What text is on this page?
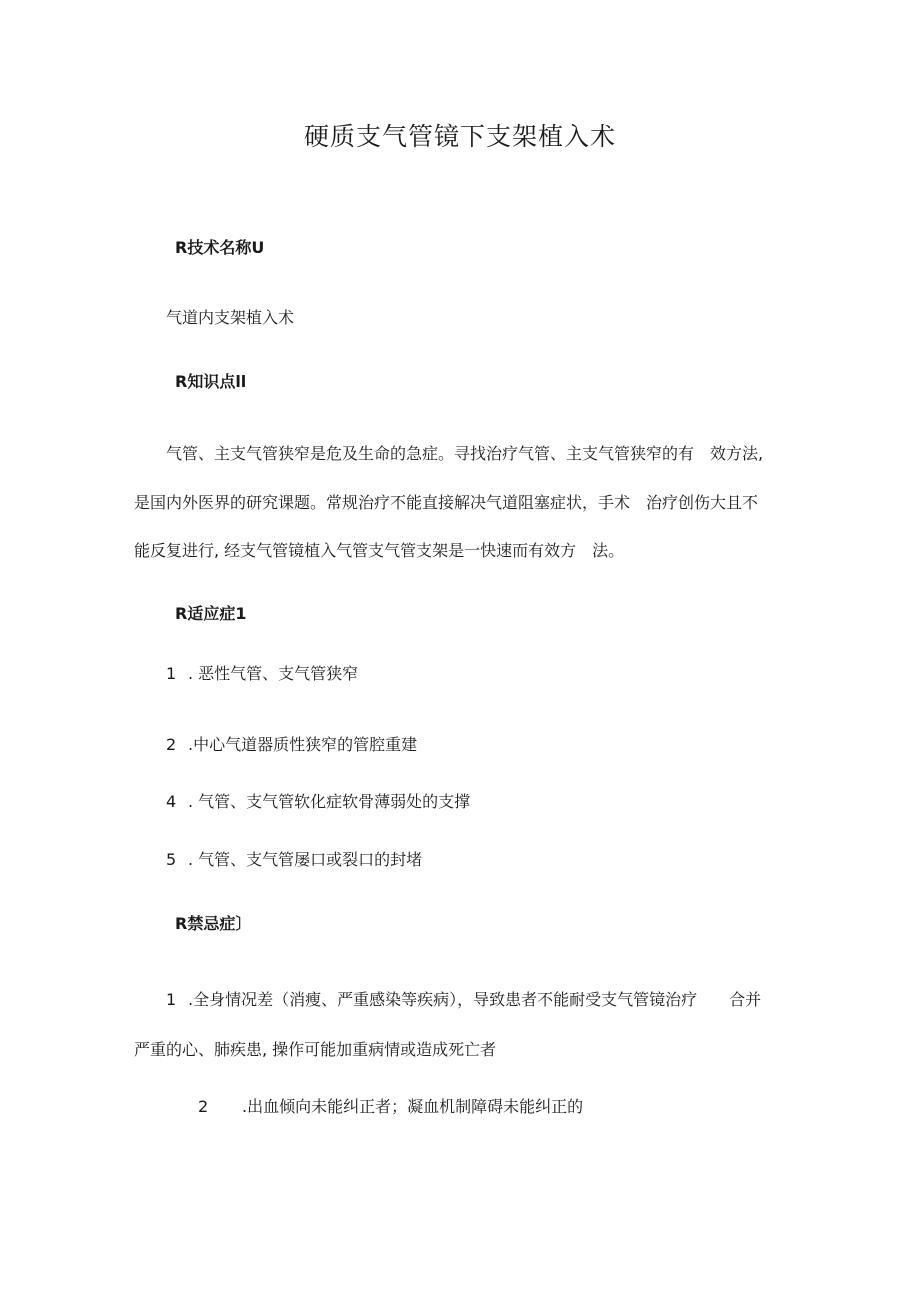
硬质支气管镜下支架植入术
R技术名称U
气道内支架植入术
R知识点ll
气管、主支气管狭窄是危及生命的急症。寻找治疗气管、主支气管狭窄的有　效方法,
是国内外医界的研究课题。常规治疗不能直接解决气道阻塞症状，手术　治疗创伤大且不
能反复进行, 经支气管镜植入气管支气管支架是一快速而有效方　法。
R适应症1
1 . 恶性气管、支气管狭窄
2 .中心气道器质性狭窄的管腔重建
4 . 气管、支气管软化症软骨薄弱处的支撑
5 . 气管、支气管屡口或裂口的封堵
R禁忌症〕
1 .全身情况差（消瘦、严重感染等疾病），导致患者不能耐受支气管镜治疗　　合并
严重的心、肺疾患, 操作可能加重病情或造成死亡者
2 .出血倾向未能纠正者；凝血机制障碍未能纠正的
